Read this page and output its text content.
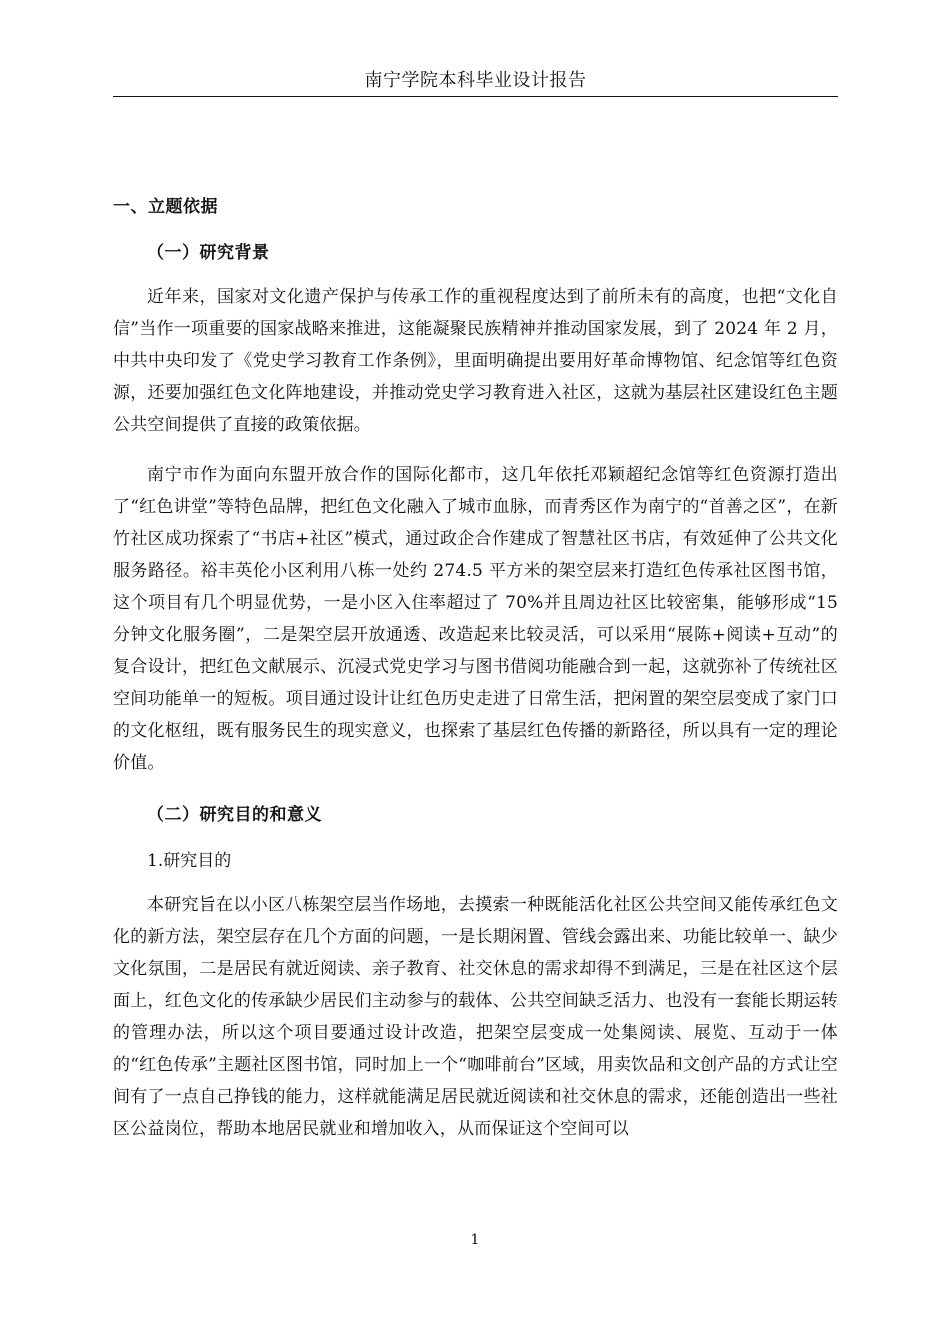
南宁学院本科毕业设计报告
一、立题依据
（一）研究背景

近年来，国家对文化遗产保护与传承工作的重视程度达到了前所未有的高度，也把“文化自信”当作一项重要的国家战略来推进，这能凝聚民族精神并推动国家发展，到了 2024 年 2 月，中共中央印发了《党史学习教育工作条例》，里面明确提出要用好革命博物馆、纪念馆等红色资源，还要加强红色文化阵地建设，并推动党史学习教育进入社区，这就为基层社区建设红色主题公共空间提供了直接的政策依据。

南宁市作为面向东盟开放合作的国际化都市，这几年依托邓颖超纪念馆等红色资源打造出了“红色讲堂”等特色品牌，把红色文化融入了城市血脉，而青秀区作为南宁的“首善之区”，在新竹社区成功探索了“书店+社区”模式，通过政企合作建成了智慧社区书店，有效延伸了公共文化服务路径。裕丰英伦小区利用八栋一处约 274.5 平方米的架空层来打造红色传承社区图书馆，这个项目有几个明显优势，一是小区入住率超过了 70%并且周边社区比较密集，能够形成“15 分钟文化服务圈”，二是架空层开放通透、改造起来比较灵活，可以采用“展陈+阅读+互动”的复合设计，把红色文献展示、沉浸式党史学习与图书借阅功能融合到一起，这就弥补了传统社区空间功能单一的短板。项目通过设计让红色历史走进了日常生活，把闲置的架空层变成了家门口的文化枢纽，既有服务民生的现实意义，也探索了基层红色传播的新路径，所以具有一定的理论价值。

（二）研究目的和意义
1.研究目的

本研究旨在以小区八栋架空层当作场地，去摸索一种既能活化社区公共空间又能传承红色文化的新方法，架空层存在几个方面的问题，一是长期闲置、管线会露出来、功能比较单一、缺少文化氛围，二是居民有就近阅读、亲子教育、社交休息的需求却得不到满足，三是在社区这个层面上，红色文化的传承缺少居民们主动参与的载体、公共空间缺乏活力、也没有一套能长期运转的管理办法，所以这个项目要通过设计改造，把架空层变成一处集阅读、展览、互动于一体的“红色传承”主题社区图书馆，同时加上一个“咖啡前台”区域，用卖饮品和文创产品的方式让空间有了一点自己挣钱的能力，这样就能满足居民就近阅读和社交休息的需求，还能创造出一些社区公益岗位，帮助本地居民就业和增加收入，从而保证这个空间可以

1
